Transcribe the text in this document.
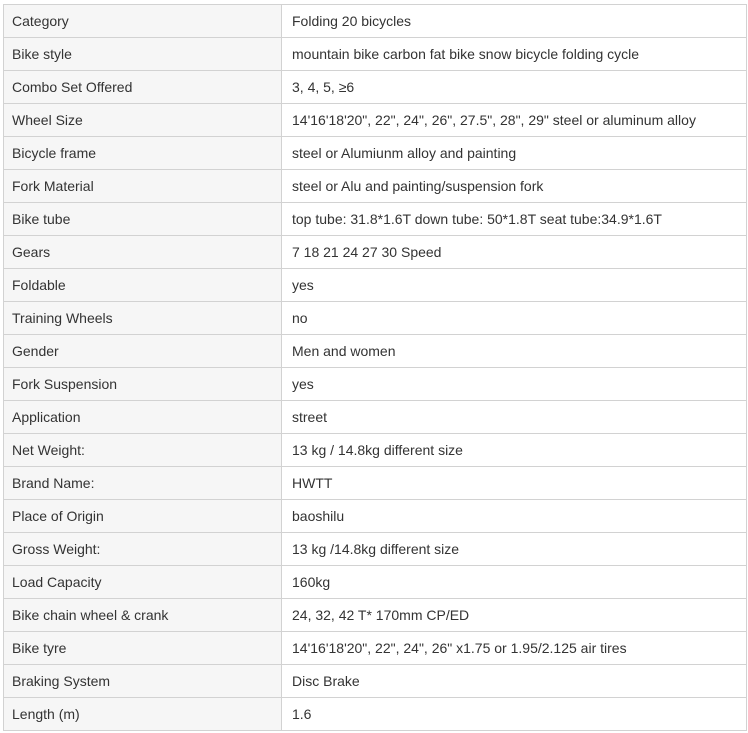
Category	Folding 20 bicycles
Bike style	mountain bike carbon fat bike snow bicycle folding cycle
Combo Set Offered	3, 4, 5, ≥6
Wheel Size	14'16'18'20", 22", 24", 26", 27.5", 28", 29" steel or aluminum alloy
Bicycle frame	steel or Alumiunm alloy and painting
Fork Material	steel or Alu and painting/suspension fork
Bike tube	top tube: 31.8*1.6T down tube: 50*1.8T seat tube:34.9*1.6T
Gears	7 18 21 24 27 30 Speed
Foldable	yes
Training Wheels	no
Gender	Men and women
Fork Suspension	yes
Application	street
Net Weight:	13 kg / 14.8kg different size
Brand Name:	HWTT
Place of Origin	baoshilu
Gross Weight:	13 kg /14.8kg different size
Load Capacity	160kg
Bike chain wheel & crank	24, 32, 42 T* 170mm CP/ED
Bike tyre	14'16'18'20", 22", 24", 26" x1.75 or 1.95/2.125 air tires
Braking System	Disc Brake
Length (m)	1.6
